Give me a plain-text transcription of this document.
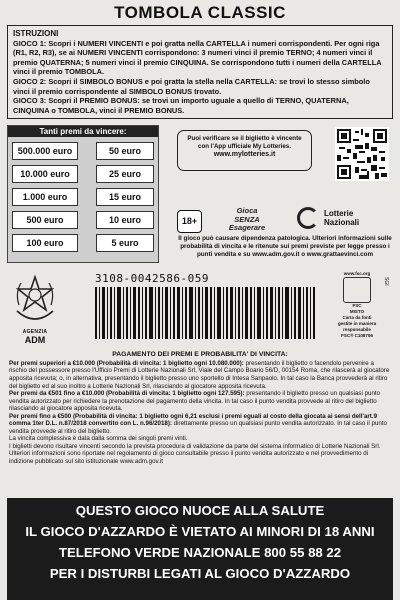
TOMBOLA CLASSIC
ISTRUZIONI

GIOCO 1: Scopri i NUMERI VINCENTI e poi gratta nella CARTELLA i numeri corrispondenti. Per ogni riga (R1, R2, R3), se ai NUMERI VINCENTI corrispondono: 3 numeri vinci il premio TERNO; 4 numeri vinci il premio QUATERNA; 5 numeri vinci il premio CINQUINA. Se corrispondono tutti i numeri della CARTELLA vinci il premio TOMBOLA.

GIOCO 2: Scopri il SIMBOLO BONUS e poi gratta la stella nella CARTELLA: se trovi lo stesso simbolo vinci il premio corrispondente al SIMBOLO BONUS trovato.

GIOCO 3: Scopri il PREMIO BONUS: se trovi un importo uguale a quello di TERNO, QUATERNA, CINQUINA o TOMBOLA, vinci il PREMIO BONUS.

Tanti premi da vincere:
500.000 euro	50 euro
10.000 euro	25 euro
1.000 euro	15 euro
500 euro	10 euro
100 euro	5 euro
Puoi verificare se il biglietto è vincente
con l'App ufficiale My Lotteries.
www.mylotteries.it
18+
Gioca
SENZA
Esagerare
Lotterie
Nazionali
Il gioco può causare dipendenza patologica. Ulteriori informazioni sulle probabilità di vincita e le ritenute sui premi previste per legge presso i punti vendita e su www.adm.gov.it o www.grattaevinci.com
AGENZIA
ADM
3108-0042586-059	www.fsc.org
FSC
MISTO
Carta da fonti gestite in maniera responsabile
FSC® C108706
SGI
PAGAMENTO DEI PREMI E PROBABILITA' DI VINCITA:

Per premi superiori a €10.000 (Probabilità di vincita: 1 biglietto ogni 10.080.000): presentando il biglietto o facendolo pervenire a rischio del possessore presso l'Ufficio Premi di Lotterie Nazionali Srl, Viale del Campo Boario 56/D, 00154 Roma, che rilascerà al giocatore apposita ricevuta; o, in alternativa, presentando il biglietto presso uno sportello di Intesa Sanpaolo. In tal caso la Banca provvederà al ritiro del biglietto ed al suo inoltro a Lotterie Nazionali Srl, rilasciando al giocatore apposita ricevuta.

Per premi da €501 fino a €10.000 (Probabilità di vincita: 1 biglietto ogni 127.595): presentando il biglietto presso un qualsiasi punto vendita autorizzato per richiedere la prenotazione del pagamento della vincita. In tal caso il punto vendita provvede al ritiro del biglietto rilasciando al giocatore apposita ricevuta.

Per premi fino a €500 (Probabilità di vincita: 1 biglietto ogni 6,21 esclusi i premi eguali al costo della giocata ai sensi dell'art.9 comma 1ter D.L. n.87/2018 convertito con L. n.96/2018): direttamente presso un qualsiasi punto vendita autorizzato. In tal caso il punto vendita provvede al ritiro del biglietto.

La vincita complessiva è data dalla somma dei singoli premi vinti.

I biglietti devono risultare vincenti secondo la prevista procedura di validazione da parte del sistema informatico di Lotterie Nazionali Srl.

Ulteriori informazioni sono riportate nel regolamento di gioco consultabile presso il punto vendita autorizzato e nel provvedimento di indizione pubblicato sul sito istituzionale www.adm.gov.it

QUESTO GIOCO NUOCE ALLA SALUTE
IL GIOCO D'AZZARDO È VIETATO AI MINORI DI 18 ANNI
TELEFONO VERDE NAZIONALE 800 55 88 22
PER I DISTURBI LEGATI AL GIOCO D'AZZARDO
